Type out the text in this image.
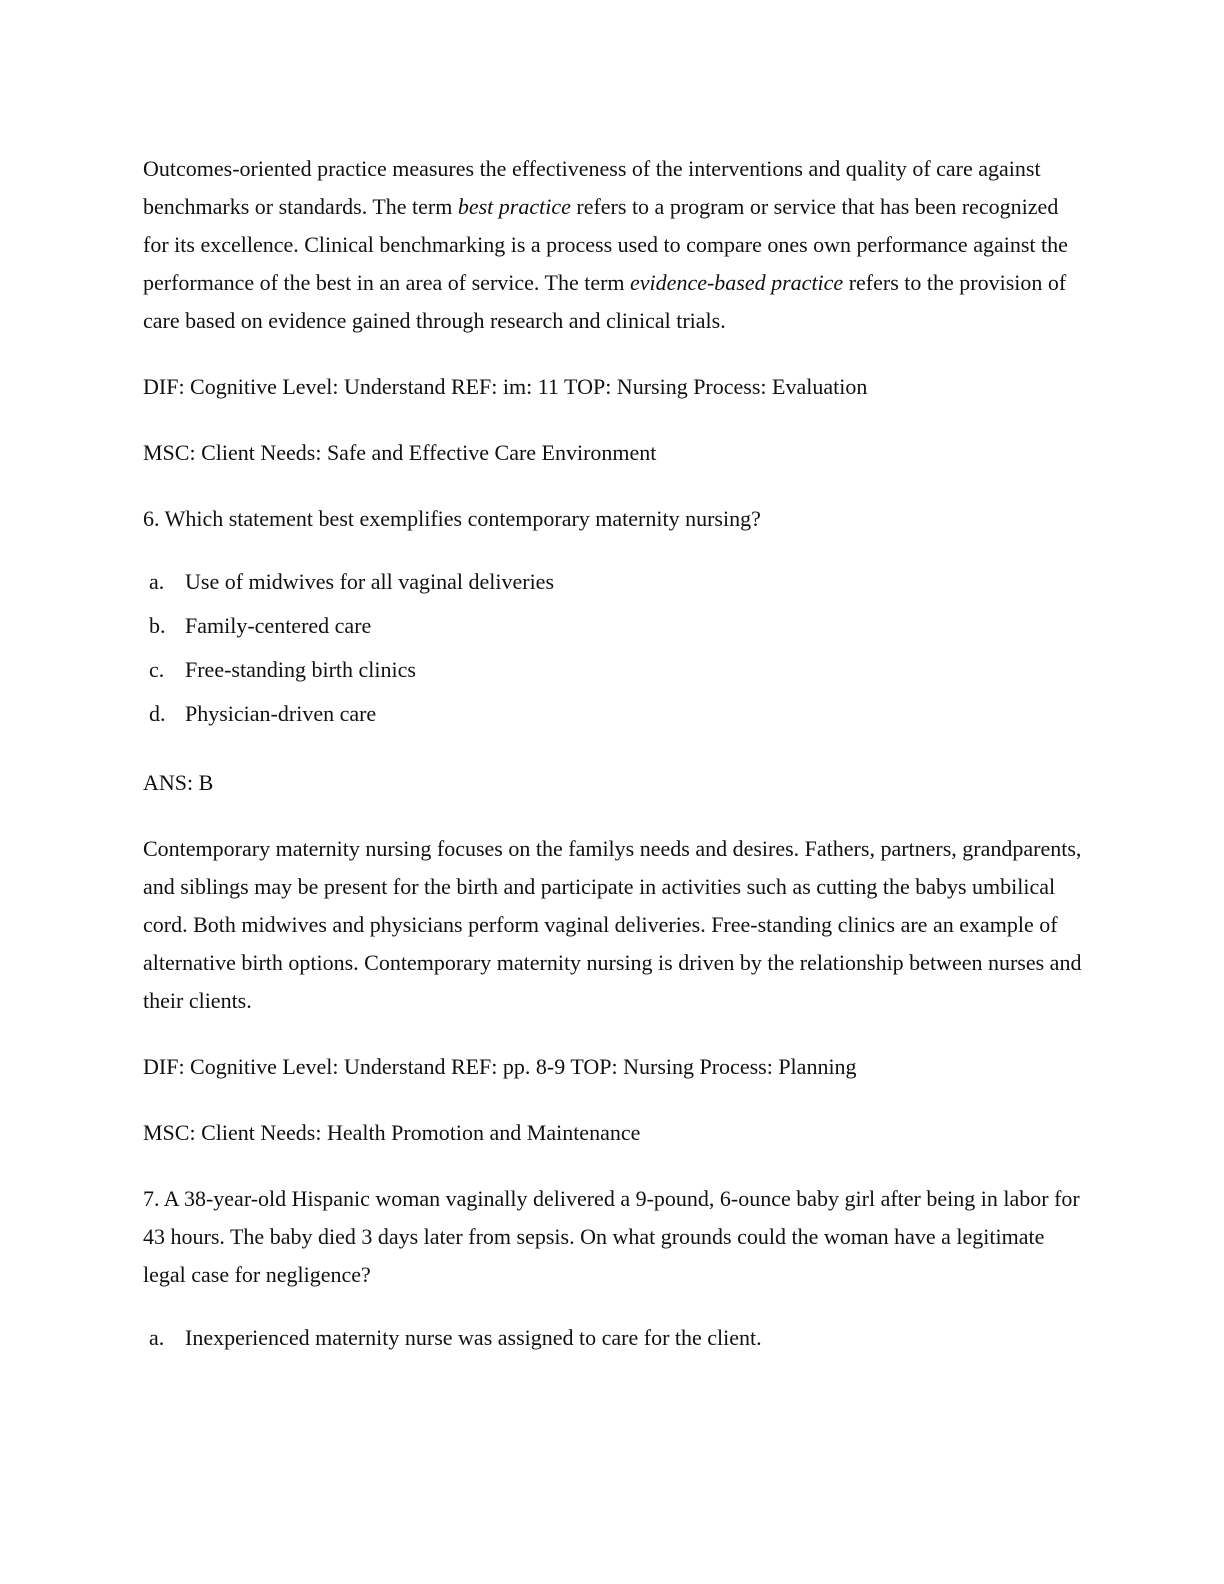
Outcomes-oriented practice measures the effectiveness of the interventions and quality of care against benchmarks or standards. The term best practice refers to a program or service that has been recognized for its excellence. Clinical benchmarking is a process used to compare ones own performance against the performance of the best in an area of service. The term evidence-based practice refers to the provision of care based on evidence gained through research and clinical trials.

DIF: Cognitive Level: Understand REF: im: 11 TOP: Nursing Process: Evaluation

MSC: Client Needs: Safe and Effective Care Environment

6. Which statement best exemplifies contemporary maternity nursing?

a. Use of midwives for all vaginal deliveries
b. Family-centered care
c. Free-standing birth clinics
d. Physician-driven care

ANS: B

Contemporary maternity nursing focuses on the familys needs and desires. Fathers, partners, grandparents, and siblings may be present for the birth and participate in activities such as cutting the babys umbilical cord. Both midwives and physicians perform vaginal deliveries. Free-standing clinics are an example of alternative birth options. Contemporary maternity nursing is driven by the relationship between nurses and their clients.

DIF: Cognitive Level: Understand REF: pp. 8-9 TOP: Nursing Process: Planning

MSC: Client Needs: Health Promotion and Maintenance

7. A 38-year-old Hispanic woman vaginally delivered a 9-pound, 6-ounce baby girl after being in labor for 43 hours. The baby died 3 days later from sepsis. On what grounds could the woman have a legitimate legal case for negligence?

a. Inexperienced maternity nurse was assigned to care for the client.
